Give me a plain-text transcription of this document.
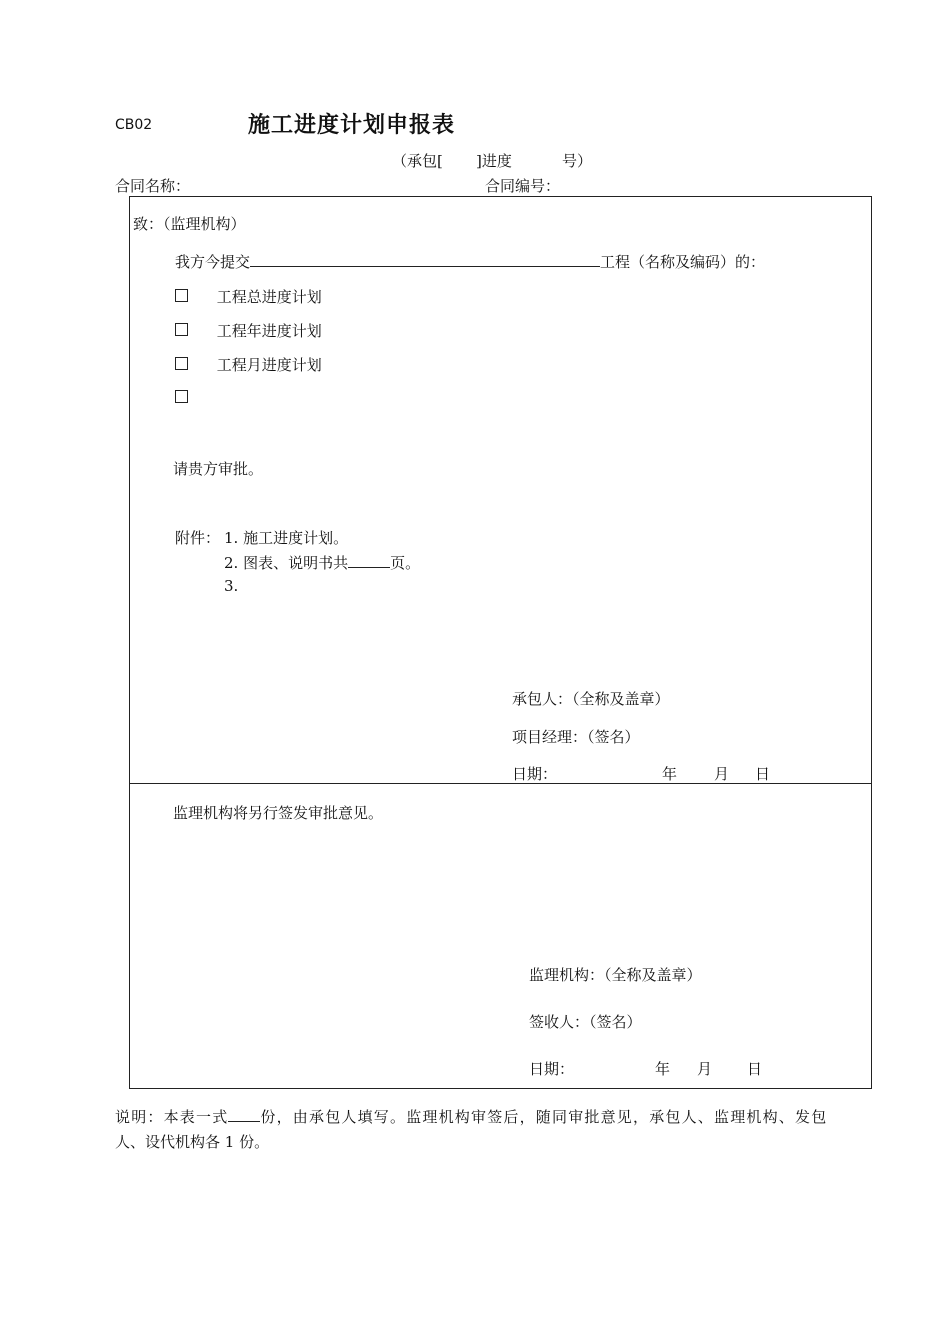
CB02	施工进度计划申报表
（承包[ ]进度	号）
合同名称：	合同编号：
致：（监理机构）
我方今提交	工程（名称及编码）的：
工程总进度计划
工程年进度计划
工程月进度计划
请贵方审批。
附件： 1. 施工进度计划。
2. 图表、说明书共	页。
3.
承包人：（全称及盖章）
项目经理：（签名）
日期：	年 月 日
监理机构将另行签发审批意见。
监理机构：（全称及盖章）
签收人：（签名）
日期：	年 月 日
说明：本表一式 份，由承包人填写。监理机构审签后，随同审批意见，承包人、监理机构、发包
人、设代机构各 1 份。
